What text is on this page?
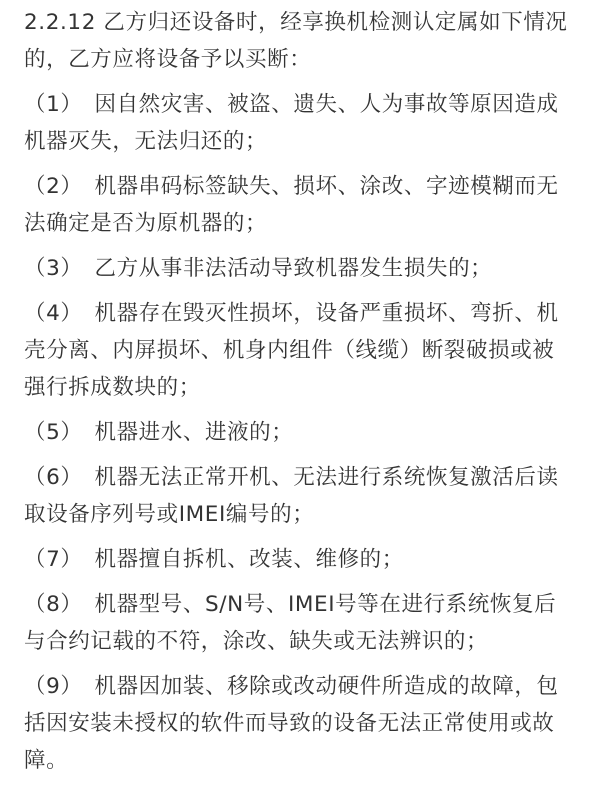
2.2.12 乙方归还设备时，经享换机检测认定属如下情况
的，乙方应将设备予以买断：
（1） 因自然灾害、被盗、遗失、人为事故等原因造成
机器灭失，无法归还的；
（2） 机器串码标签缺失、损坏、涂改、字迹模糊而无
法确定是否为原机器的；
（3） 乙方从事非法活动导致机器发生损失的；
（4） 机器存在毁灭性损坏，设备严重损坏、弯折、机
壳分离、内屏损坏、机身内组件（线缆）断裂破损或被
强行拆成数块的；
（5） 机器进水、进液的；
（6） 机器无法正常开机、无法进行系统恢复激活后读
取设备序列号或IMEI编号的；
（7） 机器擅自拆机、改装、维修的；
（8） 机器型号、S/N号、IMEI号等在进行系统恢复后
与合约记载的不符，涂改、缺失或无法辨识的；
（9） 机器因加装、移除或改动硬件所造成的故障，包
括因安装未授权的软件而导致的设备无法正常使用或故
障。
